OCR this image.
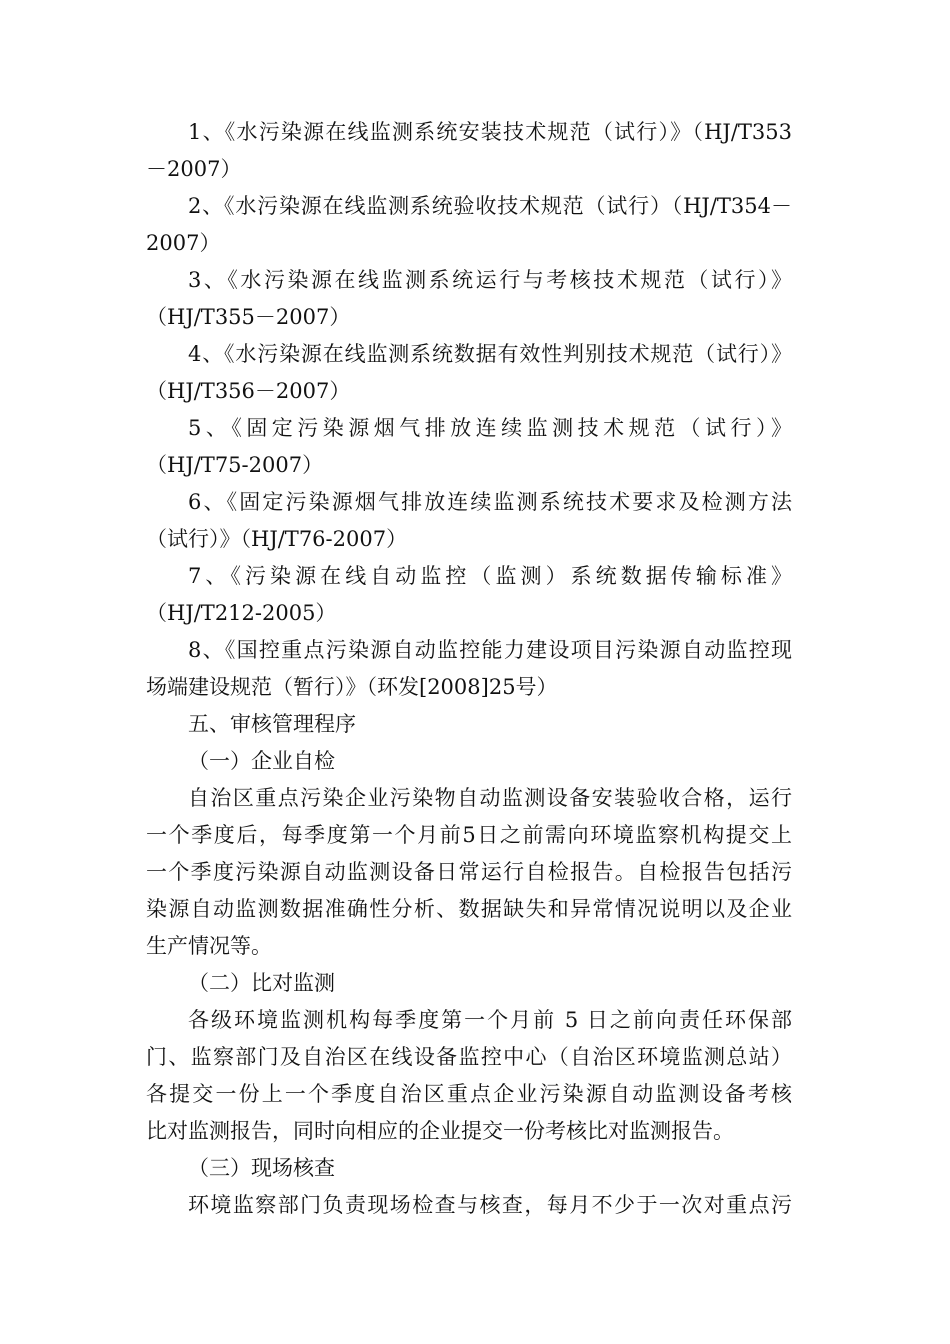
1、《水污染源在线监测系统安装技术规范（试行）》（HJ/T353
－2007）
2、《水污染源在线监测系统验收技术规范（试行）（HJ/T354－
2007）
3、《水污染源在线监测系统运行与考核技术规范（试行）》
（HJ/T355－2007）
4、《水污染源在线监测系统数据有效性判别技术规范（试行）》
（HJ/T356－2007）
5、《固定污染源烟气排放连续监测技术规范（试行）》
（HJ/T75-2007）
6、《固定污染源烟气排放连续监测系统技术要求及检测方法
（试行）》（HJ/T76-2007）
7、《污染源在线自动监控（监测）系统数据传输标准》
（HJ/T212-2005）
8、《国控重点污染源自动监控能力建设项目污染源自动监控现
场端建设规范（暂行）》（环发[2008]25号）
五、审核管理程序
（一）企业自检
自治区重点污染企业污染物自动监测设备安装验收合格，运行
一个季度后，每季度第一个月前5日之前需向环境监察机构提交上
一个季度污染源自动监测设备日常运行自检报告。自检报告包括污
染源自动监测数据准确性分析、数据缺失和异常情况说明以及企业
生产情况等。
（二）比对监测
各级环境监测机构每季度第一个月前 5 日之前向责任环保部
门、监察部门及自治区在线设备监控中心（自治区环境监测总站）
各提交一份上一个季度自治区重点企业污染源自动监测设备考核
比对监测报告，同时向相应的企业提交一份考核比对监测报告。
（三）现场核查
环境监察部门负责现场检查与核查，每月不少于一次对重点污
